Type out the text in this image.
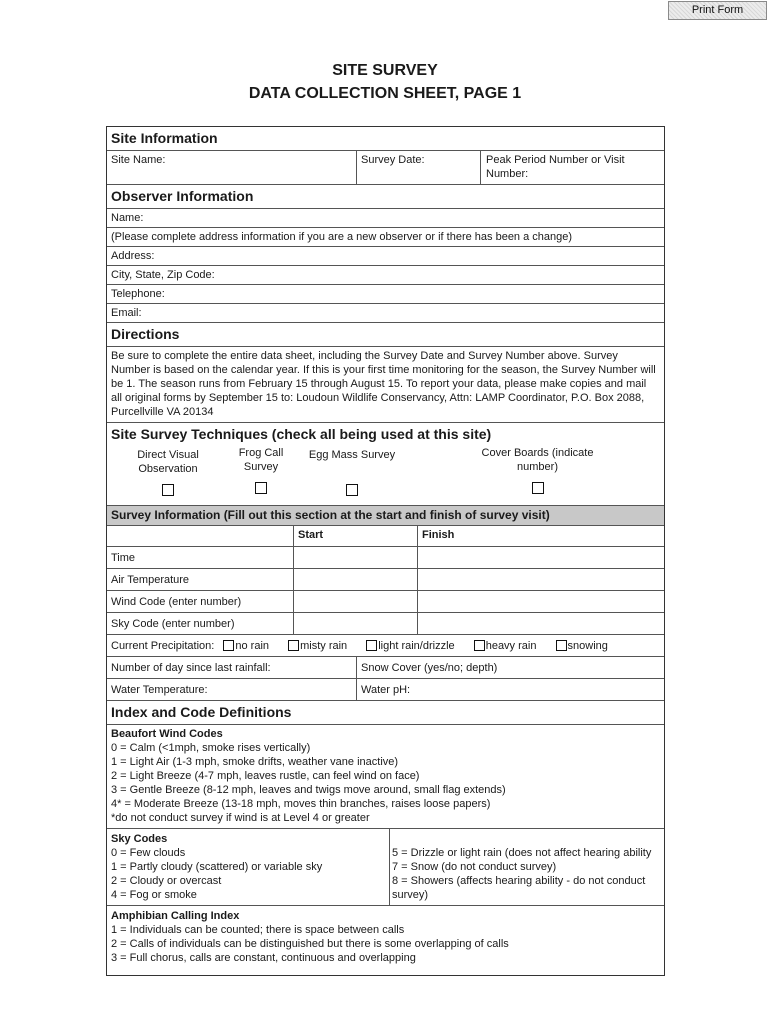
Print Form
SITE SURVEY
DATA COLLECTION SHEET, PAGE 1
Site Information
Site Name:	Survey Date:	Peak Period Number or Visit Number:
Observer Information
Name:
(Please complete address information if you are a new observer or if there has been a change)
Address:
City, State, Zip Code:
Telephone:
Email:
Directions
Be sure to complete the entire data sheet, including the Survey Date and Survey Number above. Survey Number is based on the calendar year. If this is your first time monitoring for the season, the Survey Number will be 1. The season runs from February 15 through August 15. To report your data, please make copies and mail all original forms by September 15 to: Loudoun Wildlife Conservancy, Attn: LAMP Coordinator, P.O. Box 2088, Purcellville VA 20134
Site Survey Techniques (check all being used at this site)
Direct Visual Observation
Frog Call Survey
Egg Mass Survey	Cover Boards (indicate number)
Survey Information (Fill out this section at the start and finish of survey visit)
Start	Finish
Time
Air Temperature
Wind Code (enter number)
Sky Code (enter number)
Current Precipitation: no rain	misty rain	light rain/drizzle	heavy rain	snowing
Number of day since last rainfall:	Snow Cover (yes/no; depth)
Water Temperature:	Water pH:
Index and Code Definitions
Beaufort Wind Codes
0 = Calm (<1mph, smoke rises vertically)
1 = Light Air (1-3 mph, smoke drifts, weather vane inactive)
2 = Light Breeze (4-7 mph, leaves rustle, can feel wind on face)
3 = Gentle Breeze (8-12 mph, leaves and twigs move around, small flag extends)
4* = Moderate Breeze (13-18 mph, moves thin branches, raises loose papers)
*do not conduct survey if wind is at Level 4 or greater
Sky Codes
0 = Few clouds
1 = Partly cloudy (scattered) or variable sky
2 = Cloudy or overcast
4 = Fog or smoke
5 = Drizzle or light rain (does not affect hearing ability
7 = Snow (do not conduct survey)
8 = Showers (affects hearing ability - do not conduct survey)
Amphibian Calling Index
1 = Individuals can be counted; there is space between calls
2 = Calls of individuals can be distinguished but there is some overlapping of calls
3 = Full chorus, calls are constant, continuous and overlapping
